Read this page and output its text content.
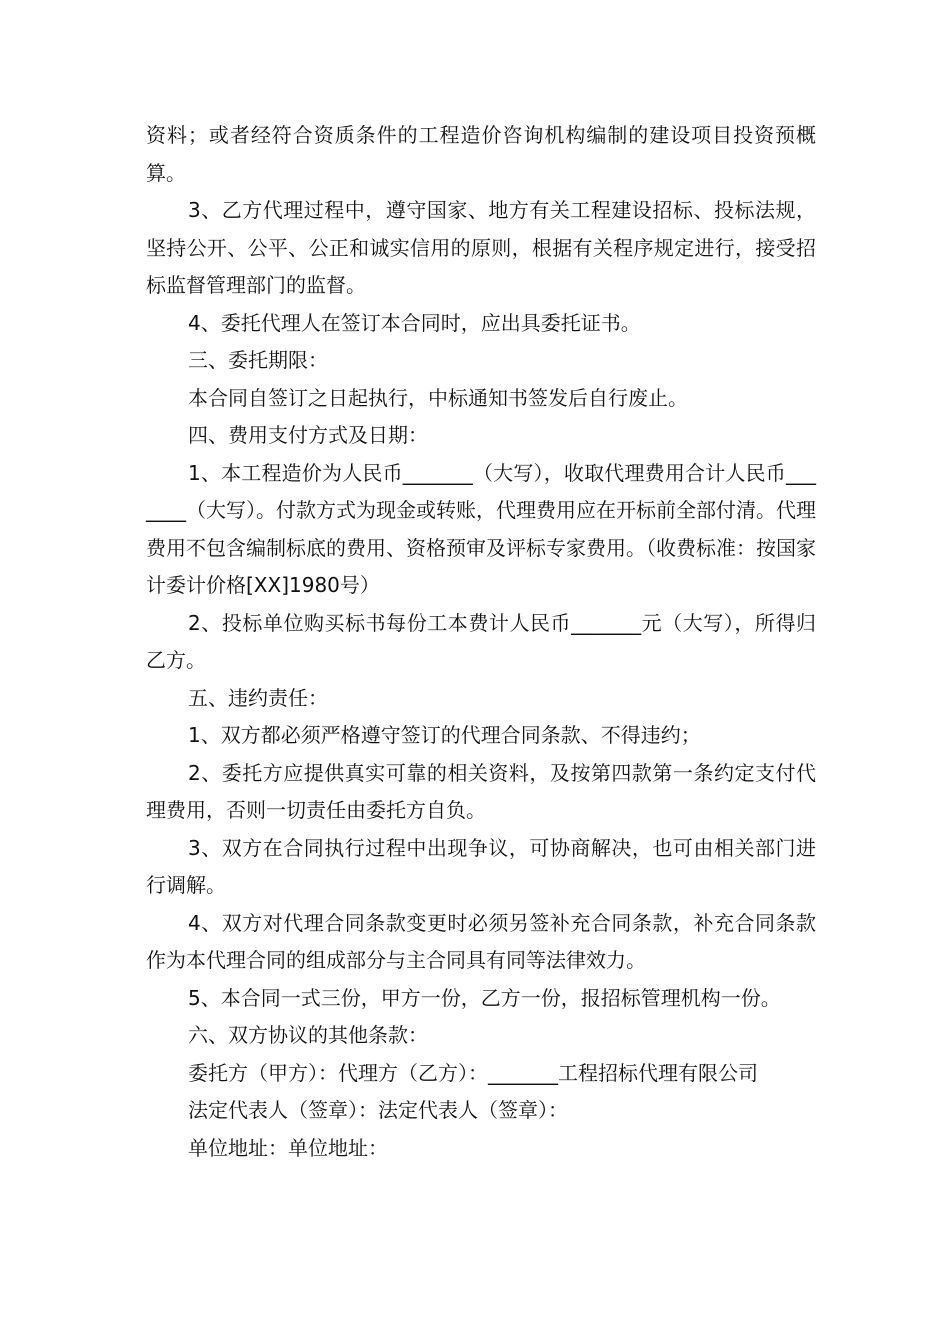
资料；或者经符合资质条件的工程造价咨询机构编制的建设项目投资预概算。

3、乙方代理过程中，遵守国家、地方有关工程建设招标、投标法规，坚持公开、公平、公正和诚实信用的原则，根据有关程序规定进行，接受招标监督管理部门的监督。

4、委托代理人在签订本合同时，应出具委托证书。

三、委托期限：

本合同自签订之日起执行，中标通知书签发后自行废止。

四、费用支付方式及日期：

1、本工程造价为人民币_______（大写），收取代理费用合计人民币_______（大写）。付款方式为现金或转账，代理费用应在开标前全部付清。代理费用不包含编制标底的费用、资格预审及评标专家费用。（收费标准：按国家计委计价格[XX]1980号）

2、投标单位购买标书每份工本费计人民币_______元（大写），所得归乙方。

五、违约责任：

1、双方都必须严格遵守签订的代理合同条款、不得违约；

2、委托方应提供真实可靠的相关资料，及按第四款第一条约定支付代理费用，否则一切责任由委托方自负。

3、双方在合同执行过程中出现争议，可协商解决，也可由相关部门进行调解。

4、双方对代理合同条款变更时必须另签补充合同条款，补充合同条款作为本代理合同的组成部分与主合同具有同等法律效力。

5、本合同一式三份，甲方一份，乙方一份，报招标管理机构一份。

六、双方协议的其他条款：

委托方（甲方）：代理方（乙方）：_______工程招标代理有限公司

法定代表人（签章）：法定代表人（签章）：

单位地址：单位地址：
